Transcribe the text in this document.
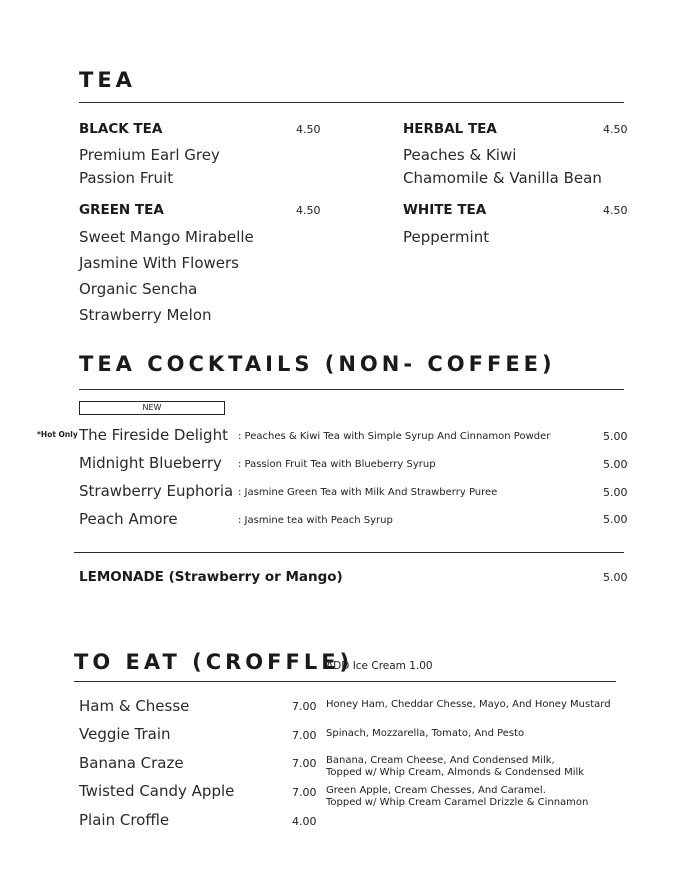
TEA
BLACK TEA	4.50
Premium Earl Grey
Passion Fruit
HERBAL TEA	4.50
Peaches & Kiwi
Chamomile & Vanilla Bean
GREEN TEA	4.50
Sweet Mango Mirabelle
Jasmine With Flowers
Organic Sencha
Strawberry Melon
WHITE TEA	4.50
Peppermint
TEA COCKTAILS (NON- COFFEE)
NEW
*Hot Only The Fireside Delight : Peaches & Kiwi Tea with Simple Syrup And Cinnamon Powder	5.00
Midnight Blueberry : Passion Fruit Tea with Blueberry Syrup	5.00
Strawberry Euphoria : Jasmine Green Tea with Milk And Strawberry Puree	5.00
Peach Amore	: Jasmine tea with Peach Syrup	5.00
LEMONADE (Strawberry or Mango)	5.00
TO EAT (CROFFLE)
ADD Ice Cream 1.00
Ham & Chesse	7.00 Honey Ham, Cheddar Chesse, Mayo, And Honey Mustard
Veggie Train	7.00 Spinach, Mozzarella, Tomato, And Pesto
Banana Craze	7.00 Banana, Cream Cheese, And Condensed Milk,
Topped w/ Whip Cream, Almonds & Condensed Milk
Twisted Candy Apple	7.00 Green Apple, Cream Chesses, And Caramel.
Topped w/ Whip Cream Caramel Drizzle & Cinnamon
Plain Croffle	4.00
